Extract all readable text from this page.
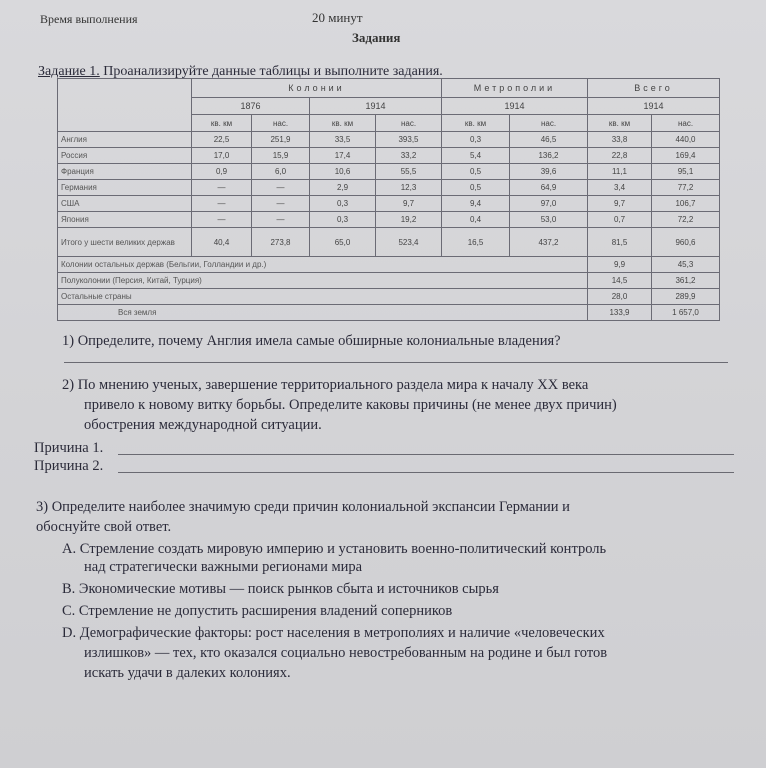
Время выполнения	20 минут
Задания
Задание 1. Проанализируйте данные таблицы и выполните задания.
	Колонии				Метрополии		Всего	
	1876		1914		1914		1914	
	кв. км	нас.	кв. км	нас.	кв. км	нас.	кв. км	нас.
Англия	22,5	251,9	33,5	393,5	0,3	46,5	33,8	440,0
Россия	17,0	15,9	17,4	33,2	5,4	136,2	22,8	169,4
Франция	0,9	6,0	10,6	55,5	0,5	39,6	11,1	95,1
Германия	—	—	2,9	12,3	0,5	64,9	3,4	77,2
США	—	—	0,3	9,7	9,4	97,0	9,7	106,7
Япония	—	—	0,3	19,2	0,4	53,0	0,7	72,2
Итого у шести великих держав	40,4	273,8	65,0	523,4	16,5	437,2	81,5	960,6
Колонии остальных держав (Бельгии, Голландии и др.)							9,9	45,3
Полуколонии (Персия, Китай, Турция)							14,5	361,2
Остальные страны							28,0	289,9
Вся земля							133,9	1 657,0
1) Определите, почему Англия имела самые обширные колониальные владения?
2) По мнению ученых, завершение территориального раздела мира к началу XX века
привело к новому витку борьбы. Определите каковы причины (не менее двух причин)
обострения международной ситуации.
Причина 1.
Причина 2.
3) Определите наиболее значимую среди причин колониальной экспансии Германии и
обоснуйте свой ответ.
A. Стремление создать мировую империю и установить военно-политический контроль
над стратегически важными регионами мира
B. Экономические мотивы — поиск рынков сбыта и источников сырья
C. Стремление не допустить расширения владений соперников
D. Демографические факторы: рост населения в метрополиях и наличие «человеческих
излишков» — тех, кто оказался социально невостребованным на родине и был готов
искать удачи в далеких колониях.
